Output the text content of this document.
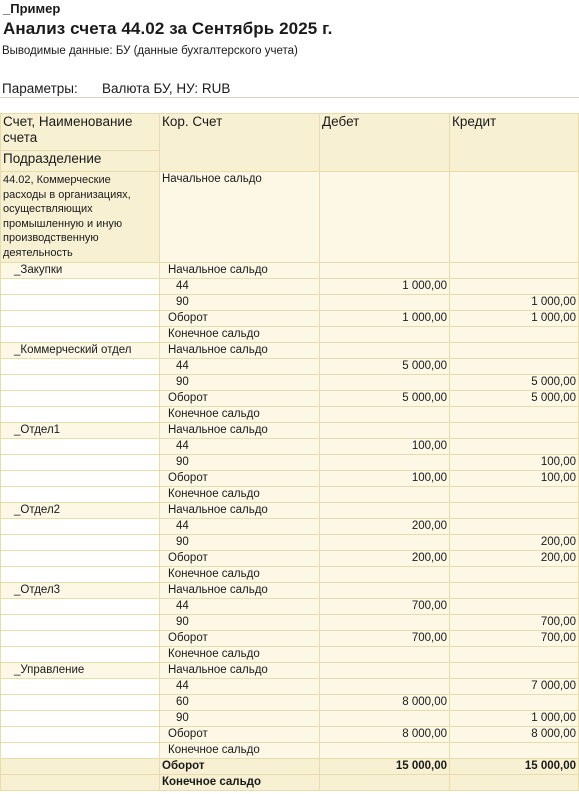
_Пример
Анализ счета 44.02 за Сентябрь 2025 г.
Выводимые данные: БУ (данные бухгалтерского учета)
Параметры: Валюта БУ, НУ: RUB
Счет, Наименование счета	Кор. Счет	Дебет	Кредит
Подразделение			
44.02, Коммерческие расходы в организациях, осуществляющих промышленную и иную производственную деятельность	Начальное сальдо		
_Закупки	Начальное сальдо		
	44	1 000,00	
	90		1 000,00
	Оборот	1 000,00	1 000,00
	Конечное сальдо		
_Коммерческий отдел	Начальное сальдо		
	44	5 000,00	
	90		5 000,00
	Оборот	5 000,00	5 000,00
	Конечное сальдо		
_Отдел1	Начальное сальдо		
	44	100,00	
	90		100,00
	Оборот	100,00	100,00
	Конечное сальдо		
_Отдел2	Начальное сальдо		
	44	200,00	
	90		200,00
	Оборот	200,00	200,00
	Конечное сальдо		
_Отдел3	Начальное сальдо		
	44	700,00	
	90		700,00
	Оборот	700,00	700,00
	Конечное сальдо		
_Управление	Начальное сальдо		
	44		7 000,00
	60	8 000,00	
	90		1 000,00
	Оборот	8 000,00	8 000,00
	Конечное сальдо		
	Оборот	15 000,00	15 000,00
	Конечное сальдо		
